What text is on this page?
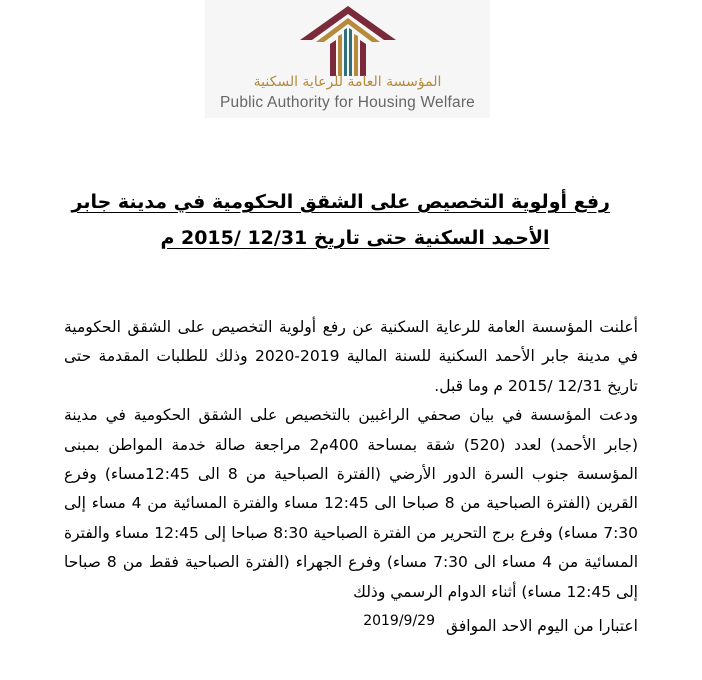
المؤسسة العامة للرعاية السكنية
Public Authority for Housing Welfare
رفع أولوية التخصيص على الشقق الحكومية في مدينة جابر
الأحمد السكنية حتى تاريخ 12/31 /2015 م

أعلنت المؤسسة العامة للرعاية السكنية عن رفع أولوية التخصيص على الشقق الحكومية في مدينة جابر الأحمد السكنية للسنة المالية 2019-2020 وذلك للطلبات المقدمة حتى تاريخ 12/31 /2015 م وما قبل.

ودعت المؤسسة في بيان صحفي الراغبين بالتخصيص على الشقق الحكومية في مدينة (جابر الأحمد) لعدد (520) شقة بمساحة 400م2 مراجعة صالة خدمة المواطن بمبنى المؤسسة جنوب السرة الدور الأرضي (الفترة الصباحية من 8 الى 12:45مساء) وفرع القرين (الفترة الصباحية من 8 صباحا الى 12:45 مساء والفترة المسائية من 4 مساء إلى 7:30 مساء) وفرع برج التحرير من الفترة الصباحية 8:30 صباحا إلى 12:45 مساء والفترة المسائية من 4 مساء الى 7:30 مساء) وفرع الجهراء (الفترة الصباحية فقط من 8 صباحا إلى 12:45 مساء) أثناء الدوام الرسمي وذلك

اعتبارا من اليوم الاحد الموافق 2019/9/29
